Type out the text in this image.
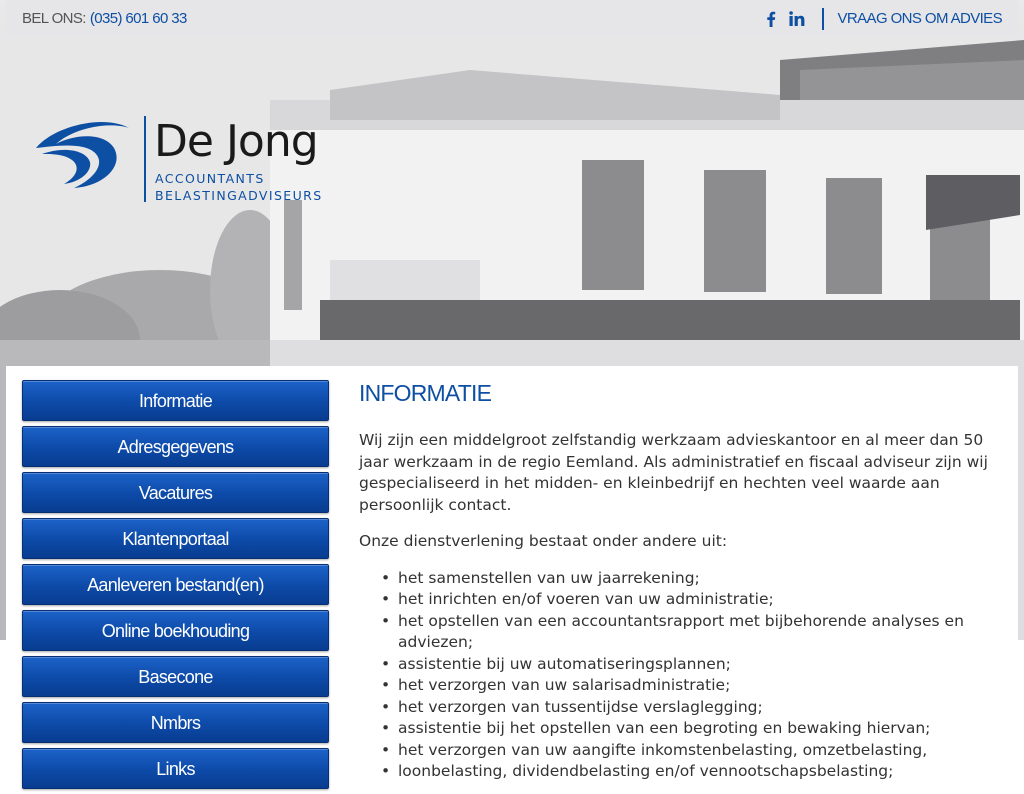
BEL ONS: (035) 601 60 33	VRAAG ONS OM ADVIES
De Jong
ACCOUNTANTS
BELASTINGADVISEURS
Informatie
Adresgegevens
Vacatures
Klantenportaal
Aanleveren bestand(en)
Online boekhouding
Basecone
Nmbrs
Links
INFORMATIE

Wij zijn een middelgroot zelfstandig werkzaam advieskantoor en al meer dan 50 jaar werkzaam in de regio Eemland. Als administratief en fiscaal adviseur zijn wij gespecialiseerd in het midden- en kleinbedrijf en hechten veel waarde aan persoonlijk contact.

Onze dienstverlening bestaat onder andere uit:

• het samenstellen van uw jaarrekening;
• het inrichten en/of voeren van uw administratie;
• het opstellen van een accountantsrapport met bijbehorende analyses en adviezen;
• assistentie bij uw automatiseringsplannen;
• het verzorgen van uw salarisadministratie;
• het verzorgen van tussentijdse verslaglegging;
• assistentie bij het opstellen van een begroting en bewaking hiervan;
• het verzorgen van uw aangifte inkomstenbelasting, omzetbelasting,
• loonbelasting, dividendbelasting en/of vennootschapsbelasting;
